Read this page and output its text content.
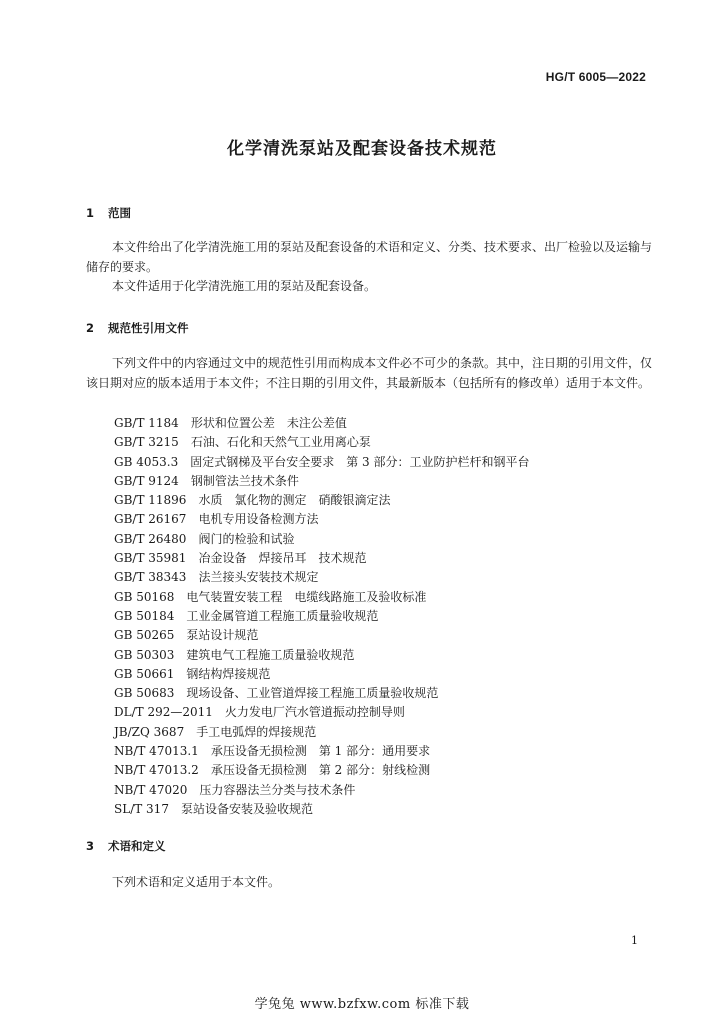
HG/T 6005—2022
化学清洗泵站及配套设备技术规范
1 范围
本文件给出了化学清洗施工用的泵站及配套设备的术语和定义、分类、技术要求、出厂检验以及运输与储存的要求。
本文件适用于化学清洗施工用的泵站及配套设备。
2 规范性引用文件
下列文件中的内容通过文中的规范性引用而构成本文件必不可少的条款。其中，注日期的引用文件，仅该日期对应的版本适用于本文件；不注日期的引用文件，其最新版本（包括所有的修改单）适用于本文件。
GB/T 1184 形状和位置公差　未注公差值
GB/T 3215 石油、石化和天然气工业用离心泵
GB 4053.3 固定式钢梯及平台安全要求　第 3 部分：工业防护栏杆和钢平台
GB/T 9124 钢制管法兰技术条件
GB/T 11896 水质　氯化物的测定　硝酸银滴定法
GB/T 26167 电机专用设备检测方法
GB/T 26480 阀门的检验和试验
GB/T 35981 冶金设备　焊接吊耳　技术规范
GB/T 38343 法兰接头安装技术规定
GB 50168 电气装置安装工程　电缆线路施工及验收标准
GB 50184 工业金属管道工程施工质量验收规范
GB 50265 泵站设计规范
GB 50303 建筑电气工程施工质量验收规范
GB 50661 钢结构焊接规范
GB 50683 现场设备、工业管道焊接工程施工质量验收规范
DL/T 292—2011 火力发电厂汽水管道振动控制导则
JB/ZQ 3687 手工电弧焊的焊接规范
NB/T 47013.1 承压设备无损检测　第 1 部分：通用要求
NB/T 47013.2 承压设备无损检测　第 2 部分：射线检测
NB/T 47020 压力容器法兰分类与技术条件
SL/T 317 泵站设备安装及验收规范
3 术语和定义
下列术语和定义适用于本文件。
1
学兔兔 www.bzfxw.com 标准下载
